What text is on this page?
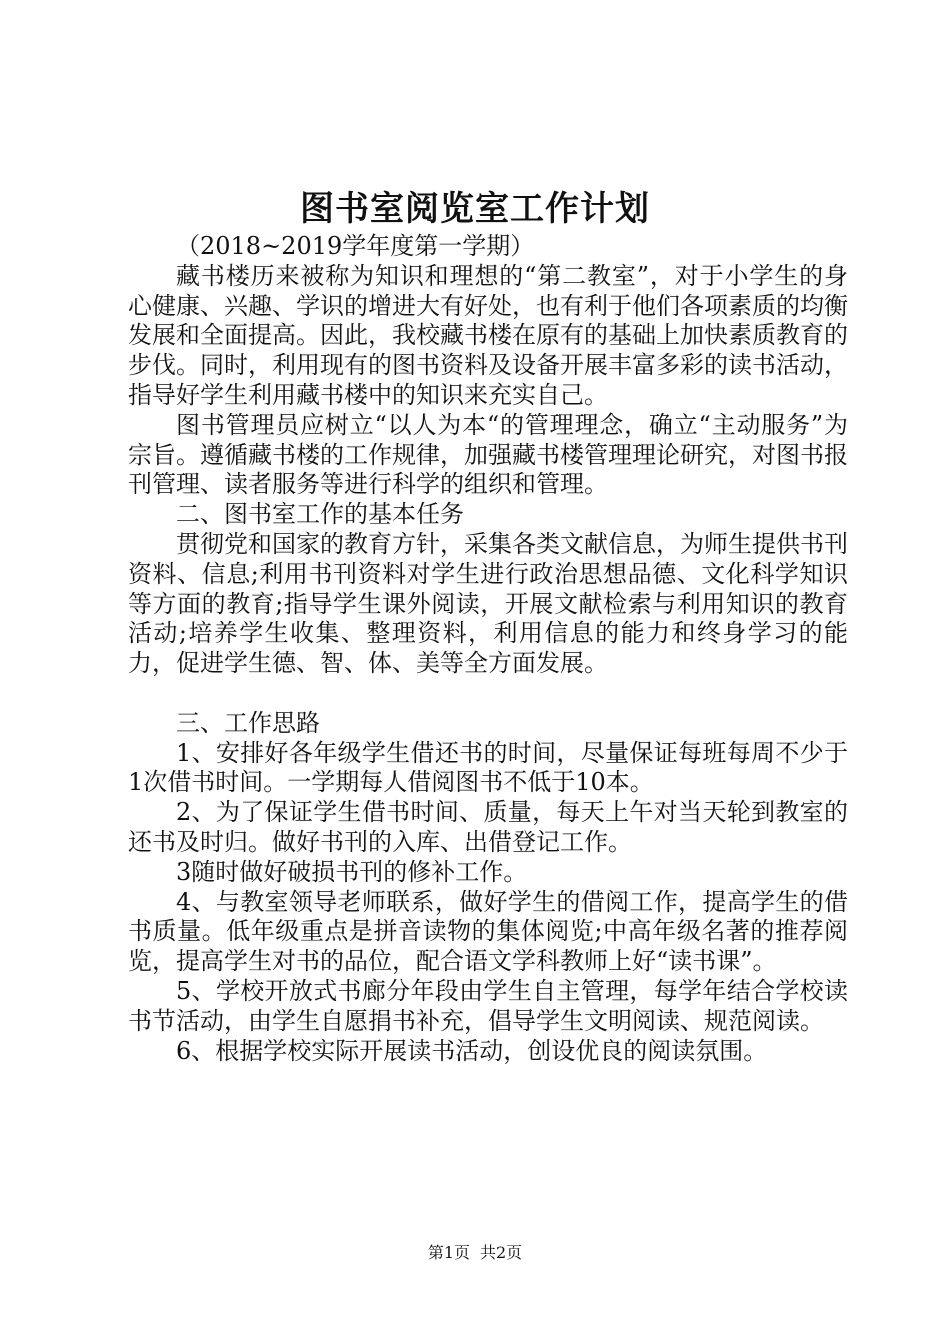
图书室阅览室工作计划

（2018~2019学年度第一学期）

藏书楼历来被称为知识和理想的“第二教室”，对于小学生的身心健康、兴趣、学识的增进大有好处，也有利于他们各项素质的均衡发展和全面提高。因此，我校藏书楼在原有的基础上加快素质教育的步伐。同时，利用现有的图书资料及设备开展丰富多彩的读书活动，指导好学生利用藏书楼中的知识来充实自己。

图书管理员应树立“以人为本“的管理理念，确立“主动服务”为宗旨。遵循藏书楼的工作规律，加强藏书楼管理理论研究，对图书报刊管理、读者服务等进行科学的组织和管理。

二、图书室工作的基本任务

贯彻党和国家的教育方针，采集各类文献信息，为师生提供书刊资料、信息;利用书刊资料对学生进行政治思想品德、文化科学知识等方面的教育;指导学生课外阅读，开展文献检索与利用知识的教育活动;培养学生收集、整理资料，利用信息的能力和终身学习的能力，促进学生德、智、体、美等全方面发展。

三、工作思路

1、安排好各年级学生借还书的时间，尽量保证每班每周不少于1次借书时间。一学期每人借阅图书不低于10本。

2、为了保证学生借书时间、质量，每天上午对当天轮到教室的还书及时归。做好书刊的入库、出借登记工作。

3随时做好破损书刊的修补工作。

4、与教室领导老师联系，做好学生的借阅工作，提高学生的借书质量。低年级重点是拼音读物的集体阅览;中高年级名著的推荐阅览，提高学生对书的品位，配合语文学科教师上好“读书课”。

5、学校开放式书廊分年段由学生自主管理，每学年结合学校读书节活动，由学生自愿捐书补充，倡导学生文明阅读、规范阅读。

6、根据学校实际开展读书活动，创设优良的阅读氛围。

第1页 共2页
